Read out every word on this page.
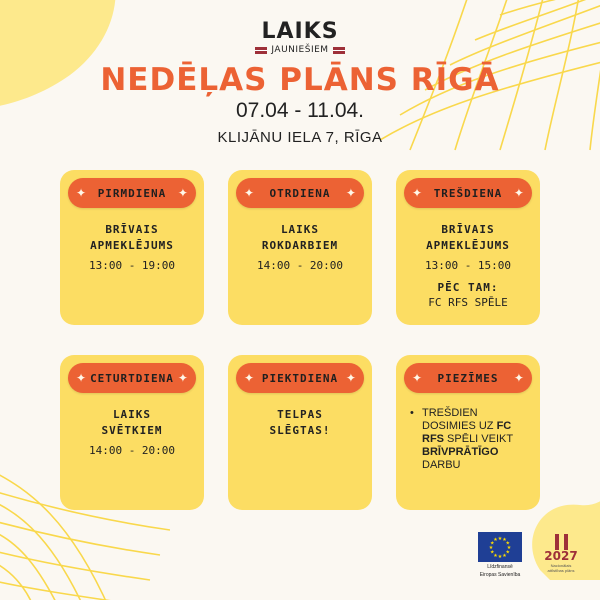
LAIKS
JAUNIEŠIEM
NEDĒĻAS PLĀNS RĪGĀ
07.04 - 11.04.
KLIJĀNU IELA 7, RĪGA
✦ PIRMDIENA ✦
BRĪVAIS
APMEKLĒJUMS
13:00 - 19:00
✦ OTRDIENA ✦
LAIKS
ROKDARBIEM
14:00 - 20:00
✦ TREŠDIENA ✦
BRĪVAIS
APMEKLĒJUMS
13:00 - 15:00
PĒC TAM:
FC RFS SPĒLE
✦ CETURTDIENA ✦
LAIKS
SVĒTKIEM
14:00 - 20:00
✦ PIEKTDIENA ✦
TELPAS
SLĒGTAS!
✦ PIEZĪMES ✦
• TREŠDIEN DOSIMIES UZ FC RFS SPĒLI VEIKT BRĪVPRĀTĪGO DARBU
★ ★
★
★
★
★
★
★
★
★
★
★
Līdzfinansē
Eiropas Savienība
2027
Nacionālais
attīstības plāns
